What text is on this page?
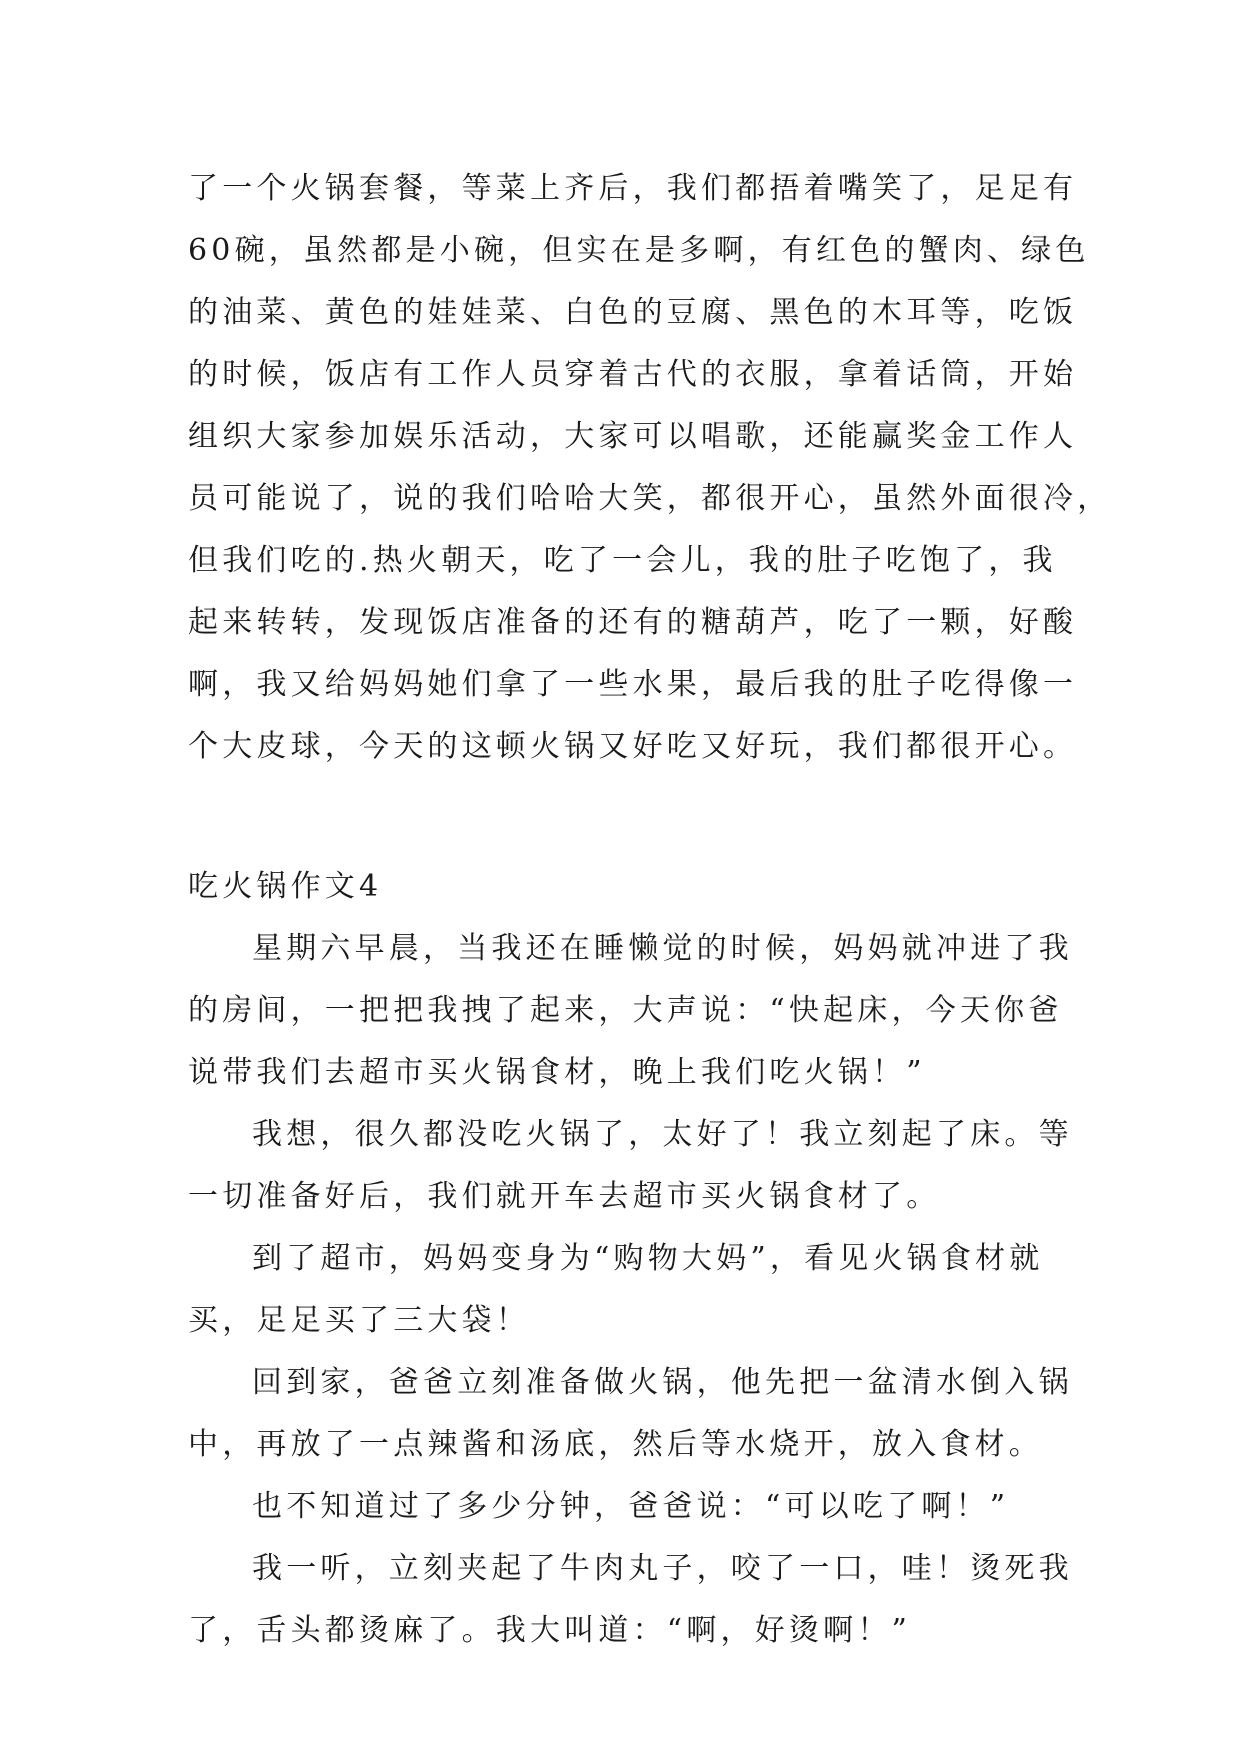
了一个火锅套餐，等菜上齐后，我们都捂着嘴笑了，足足有
60碗，虽然都是小碗，但实在是多啊，有红色的蟹肉、绿色
的油菜、黄色的娃娃菜、白色的豆腐、黑色的木耳等，吃饭
的时候，饭店有工作人员穿着古代的衣服，拿着话筒，开始
组织大家参加娱乐活动，大家可以唱歌，还能赢奖金工作人
员可能说了，说的我们哈哈大笑，都很开心，虽然外面很冷，
但我们吃的.热火朝天，吃了一会儿，我的肚子吃饱了，我
起来转转，发现饭店准备的还有的糖葫芦，吃了一颗，好酸
啊，我又给妈妈她们拿了一些水果，最后我的肚子吃得像一
个大皮球，今天的这顿火锅又好吃又好玩，我们都很开心。
吃火锅作文4
星期六早晨，当我还在睡懒觉的时候，妈妈就冲进了我
的房间，一把把我拽了起来，大声说：“快起床，今天你爸
说带我们去超市买火锅食材，晚上我们吃火锅！”
我想，很久都没吃火锅了，太好了！我立刻起了床。等
一切准备好后，我们就开车去超市买火锅食材了。
到了超市，妈妈变身为“购物大妈”，看见火锅食材就
买，足足买了三大袋！
回到家，爸爸立刻准备做火锅，他先把一盆清水倒入锅
中，再放了一点辣酱和汤底，然后等水烧开，放入食材。
也不知道过了多少分钟，爸爸说：“可以吃了啊！”
我一听，立刻夹起了牛肉丸子，咬了一口，哇！烫死我
了，舌头都烫麻了。我大叫道：“啊，好烫啊！”
